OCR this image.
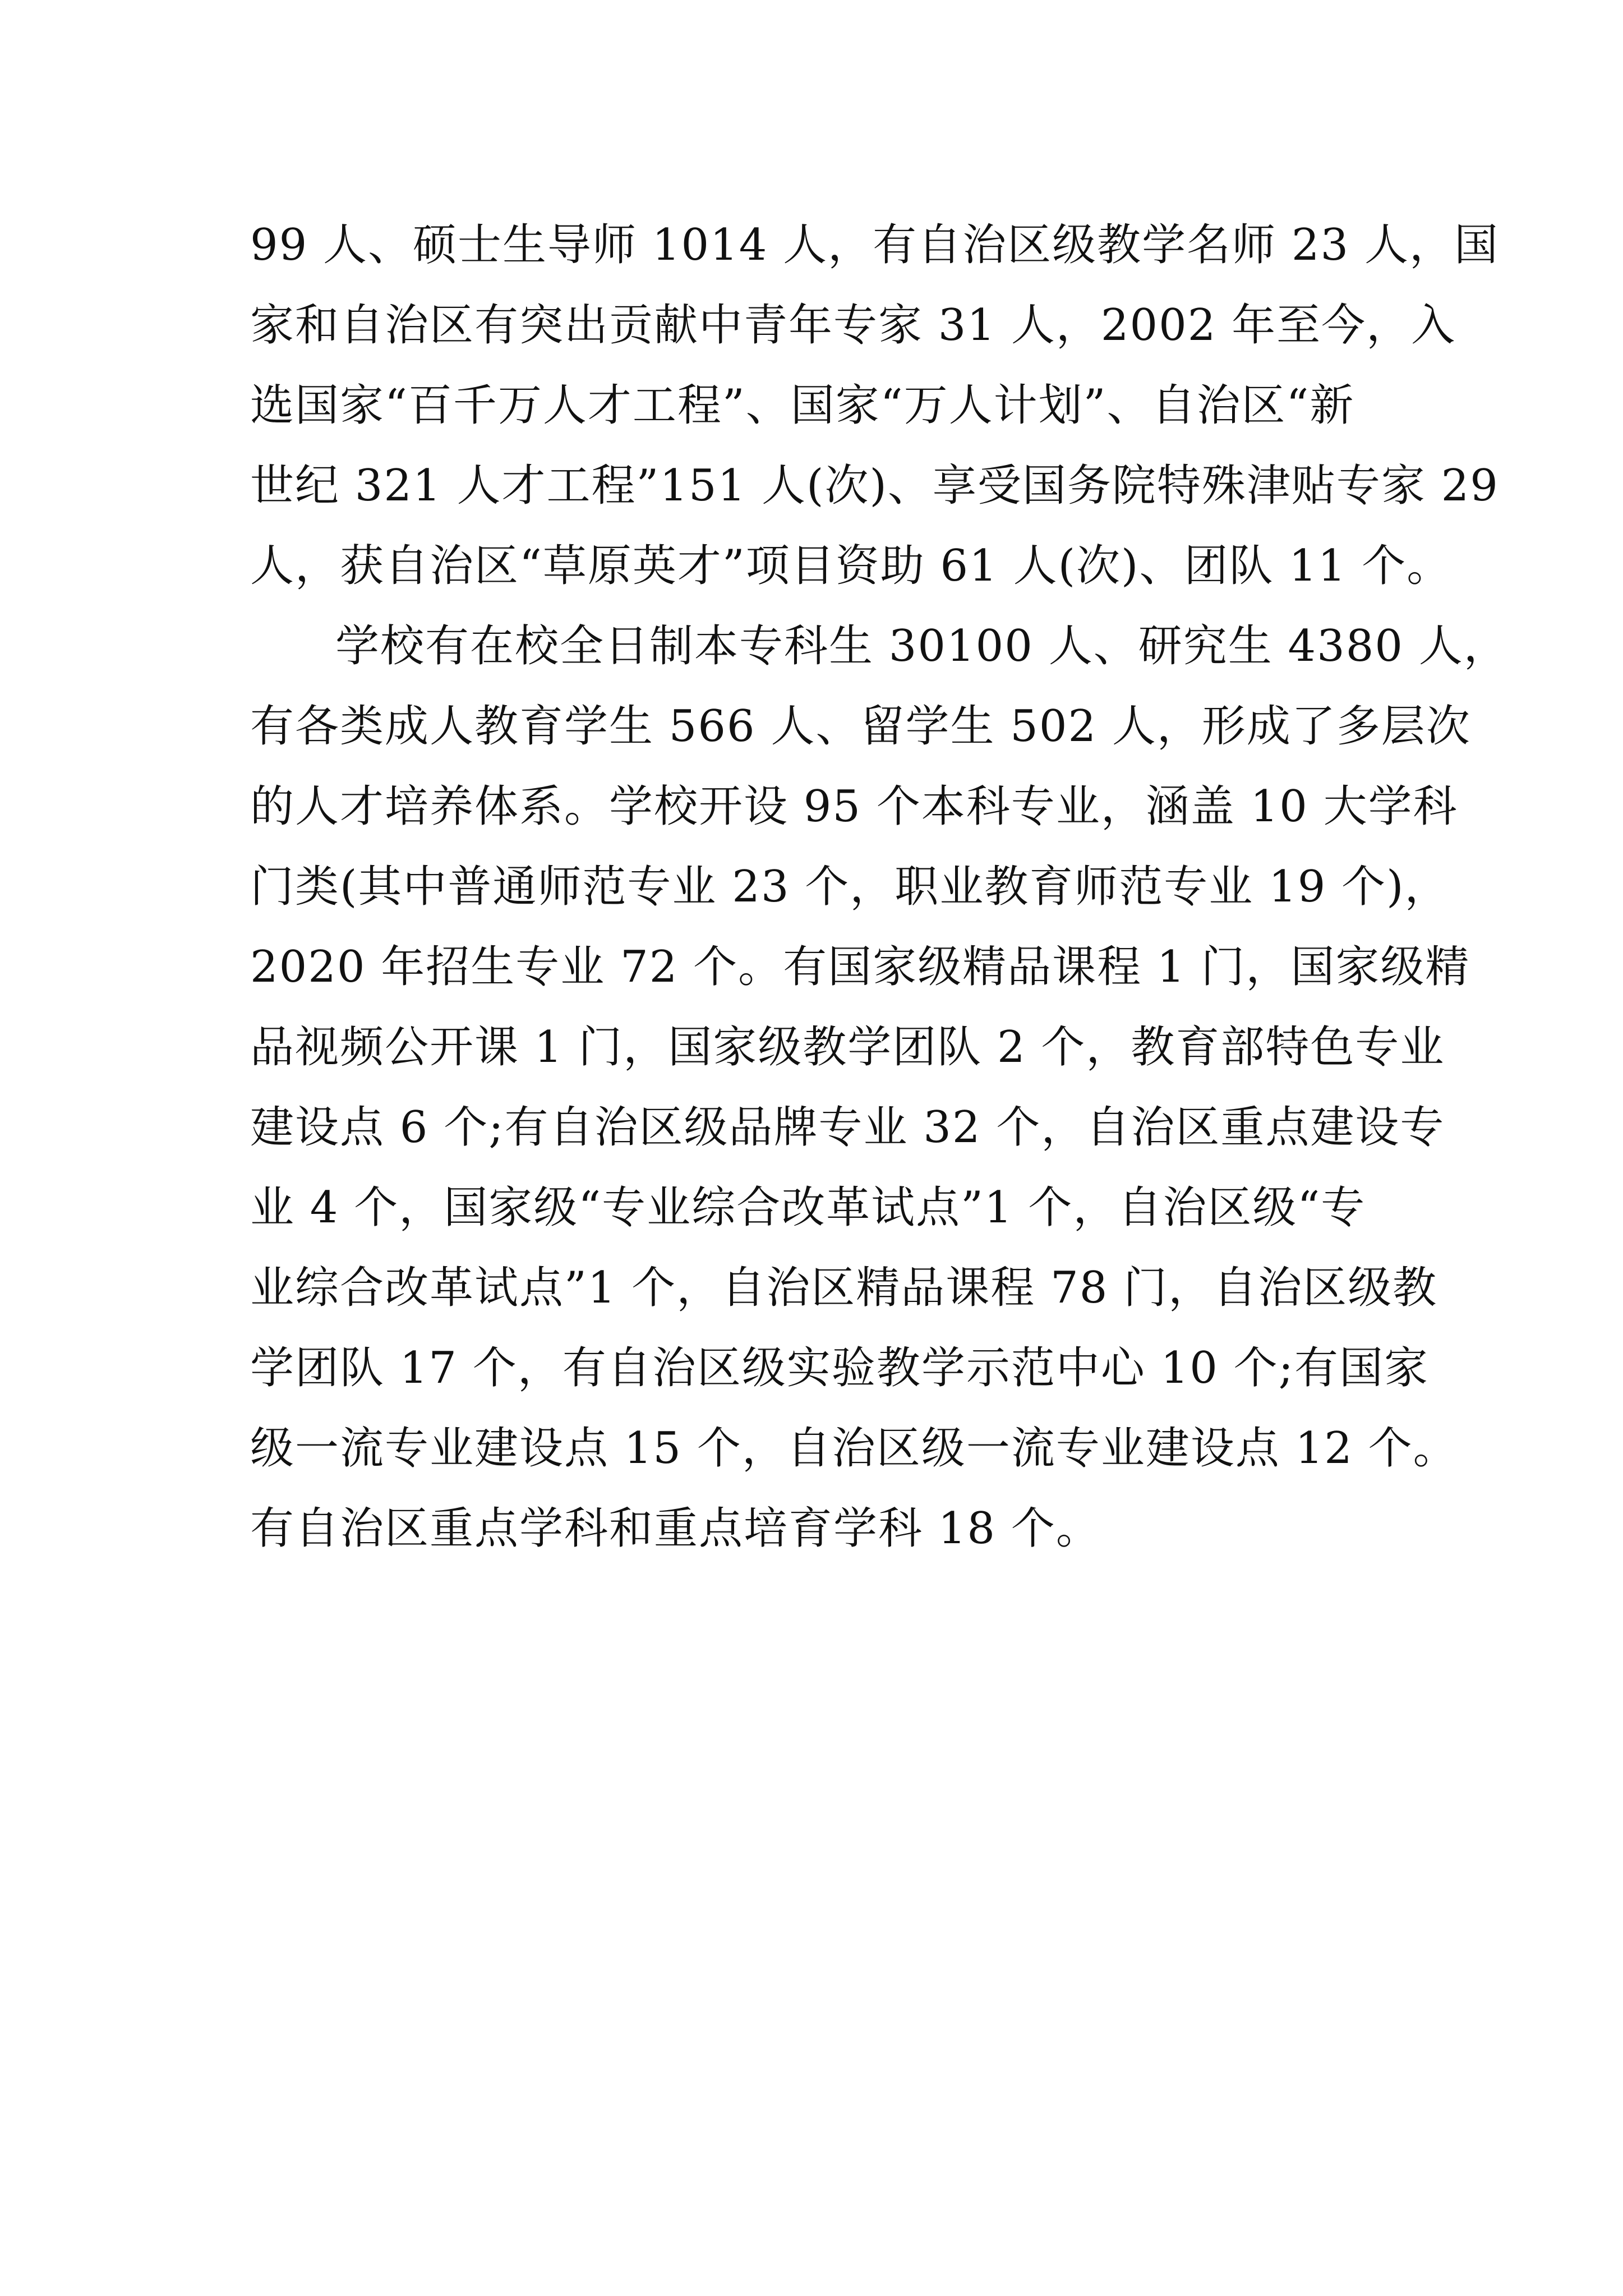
99 人、硕士生导师 1014 人，有自治区级教学名师 23 人，国
家和自治区有突出贡献中青年专家 31 人，2002 年至今，入
选国家“百千万人才工程”、国家“万人计划”、自治区“新
世纪 321 人才工程”151 人(次)、享受国务院特殊津贴专家 29
人，获自治区“草原英才”项目资助 61 人(次)、团队 11 个。
学校有在校全日制本专科生 30100 人、研究生 4380 人，
有各类成人教育学生 566 人、留学生 502 人，形成了多层次
的人才培养体系。学校开设 95 个本科专业，涵盖 10 大学科
门类(其中普通师范专业 23 个，职业教育师范专业 19 个)，
2020 年招生专业 72 个。有国家级精品课程 1 门，国家级精
品视频公开课 1 门，国家级教学团队 2 个，教育部特色专业
建设点 6 个;有自治区级品牌专业 32 个，自治区重点建设专
业 4 个，国家级“专业综合改革试点”1 个，自治区级“专
业综合改革试点”1 个，自治区精品课程 78 门，自治区级教
学团队 17 个，有自治区级实验教学示范中心 10 个;有国家
级一流专业建设点 15 个，自治区级一流专业建设点 12 个。
有自治区重点学科和重点培育学科 18 个。
